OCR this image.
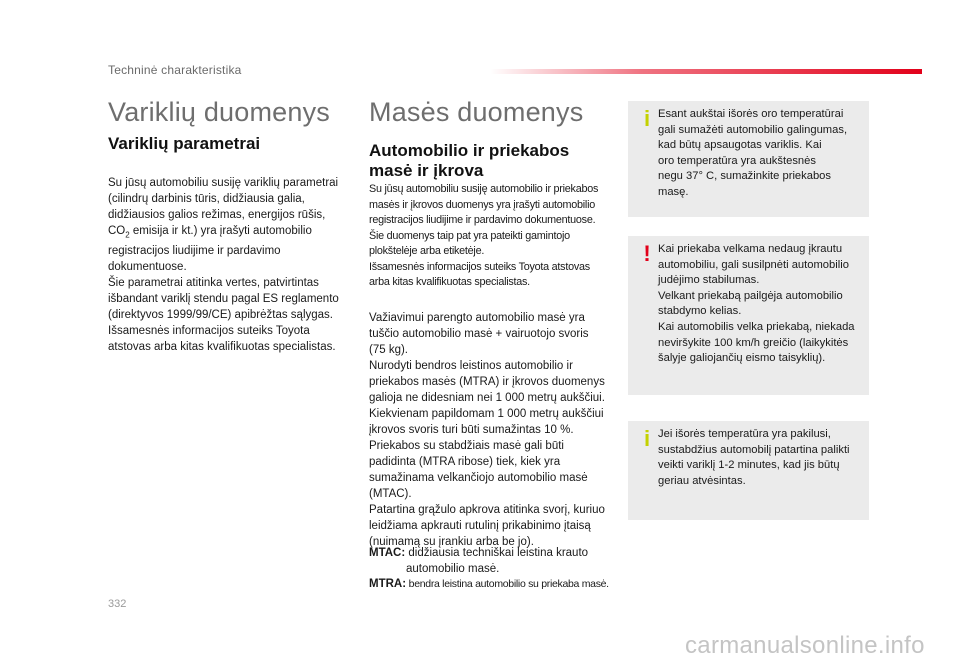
Techninė charakteristika
Variklių duomenys
Variklių parametrai
Su jūsų automobiliu susiję variklių parametrai
(cilindrų darbinis tūris, didžiausia galia,
didžiausios galios režimas, energijos rūšis,
$CO_2$ emisija ir kt.) yra įrašyti automobilio
registracijos liudijime ir pardavimo
dokumentuose.
Šie parametrai atitinka vertes, patvirtintas
išbandant variklį stendu pagal ES reglamento
(direktyvos 1999/99/CE) apibrėžtas sąlygas.
Išsamesnės informacijos suteiks Toyota
atstovas arba kitas kvalifikuotas specialistas.
Masės duomenys
Automobilio ir priekabos
masė ir įkrova
Su jūsų automobiliu susiję automobilio ir priekabos
masės ir įkrovos duomenys yra įrašyti automobilio
registracijos liudijime ir pardavimo dokumentuose.
Šie duomenys taip pat yra pateikti gamintojo
plokštelėje arba etiketėje.
Išsamesnės informacijos suteiks Toyota atstovas
arba kitas kvalifikuotas specialistas.
Važiavimui parengto automobilio masė yra
tuščio automobilio masė + vairuotojo svoris
(75 kg).
Nurodyti bendros leistinos automobilio ir
priekabos masės (MTRA) ir įkrovos duomenys
galioja ne didesniam nei 1 000 metrų aukščiui.
Kiekvienam papildomam 1 000 metrų aukščiui
įkrovos svoris turi būti sumažintas 10 %.
Priekabos su stabdžiais masė gali būti
padidinta (MTRA ribose) tiek, kiek yra
sumažinama velkančiojo automobilio masė
(MTAC).
Patartina grąžulo apkrova atitinka svorį, kuriuo
leidžiama apkrauti rutulinį prikabinimo įtaisą
(nuimamą su įrankiu arba be jo).
MTAC: didžiausia techniškai leistina krauto
automobilio masė.
MTRA: bendra leistina automobilio su priekaba masė.
i Esant aukštai išorės oro temperatūrai
gali sumažėti automobilio galingumas,
kad būtų apsaugotas variklis. Kai
oro temperatūra yra aukštesnės
negu 37° C, sumažinkite priekabos
masę.
! Kai priekaba velkama nedaug įkrautu
automobiliu, gali susilpnėti automobilio
judėjimo stabilumas.
Velkant priekabą pailgėja automobilio
stabdymo kelias.
Kai automobilis velka priekabą, niekada
neviršykite 100 km/h greičio (laikykitės
šalyje galiojančių eismo taisyklių).
i Jei išorės temperatūra yra pakilusi,
sustabdžius automobilį patartina palikti
veikti variklį 1-2 minutes, kad jis būtų
geriau atvėsintas.
332
carmanualsonline.info
